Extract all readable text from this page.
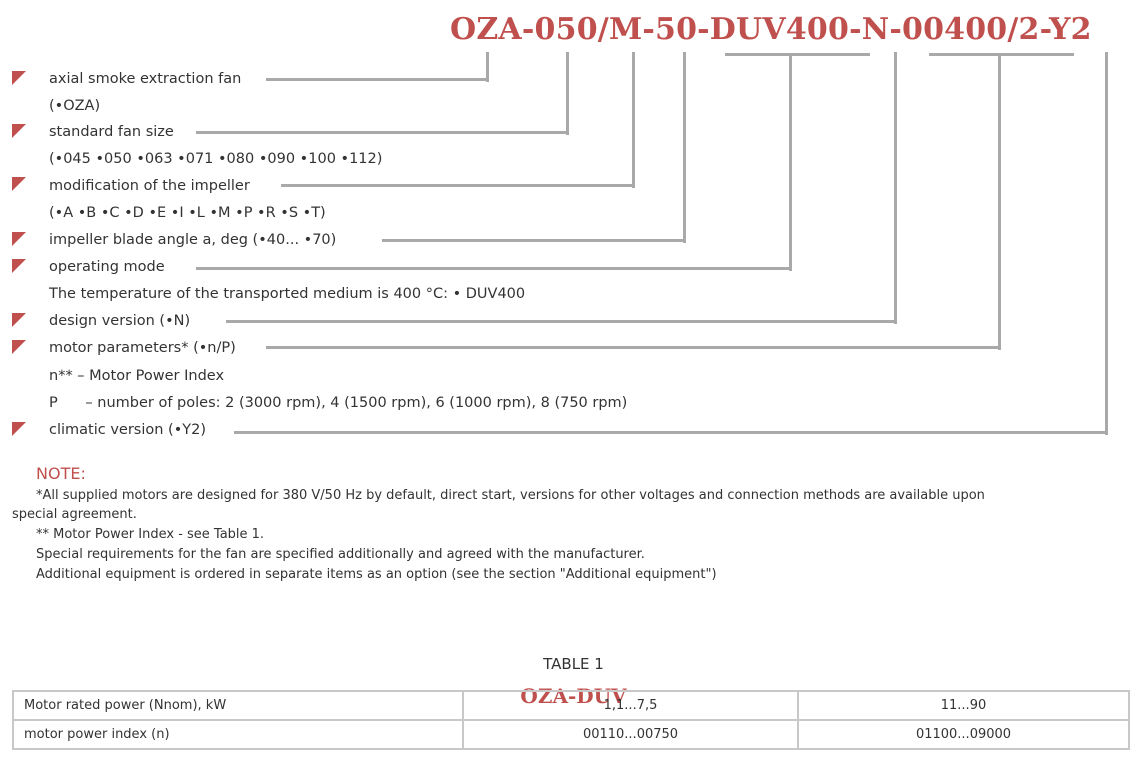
OZA-050/M-50-DUV400-N-00400/2-Y2
axial smoke extraction fan
(•OZA)
standard fan size
(•045 •050 •063 •071 •080 •090 •100 •112)
modification of the impeller
(•A •B •C •D •E •I •L •M •P •R •S •T)
impeller blade angle a, deg (•40... •70)
operating mode
The temperature of the transported medium is 400 °C: • DUV400
design version (•N)
motor parameters* (•n/P)
n** – Motor Power Index
P      – number of poles: 2 (3000 rpm), 4 (1500 rpm), 6 (1000 rpm), 8 (750 rpm)
climatic version (•Y2)
NOTE:
*All supplied motors are designed for 380 V/50 Hz by default, direct start, versions for other voltages and connection methods are available upon
special agreement.
** Motor Power Index - see Table 1.
Special requirements for the fan are specified additionally and agreed with the manufacturer.
Additional equipment is ordered in separate items as an option (see the section "Additional equipment")
TABLE 1
OZA-DUV
Motor rated power (Nnom), kW	1,1...7,5	11...90
motor power index (n)	00110...00750	01100...09000
